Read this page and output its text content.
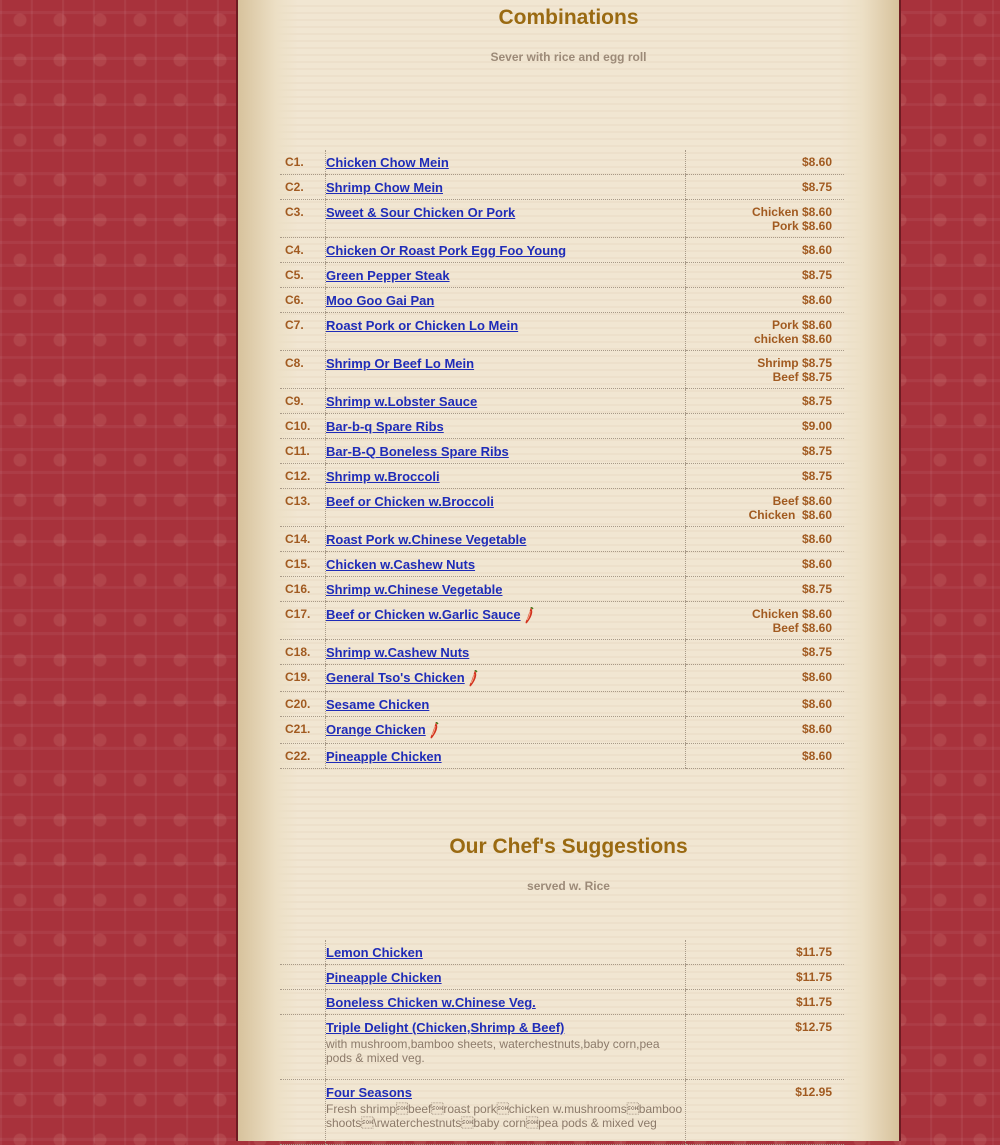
Combinations
Sever with rice and egg roll
C1.	Chicken Chow Mein	$8.60

C2.	Shrimp Chow Mein	$8.75

C3.	Sweet & Sour Chicken Or Pork	Chicken $8.60
Pork $8.60

C4.	Chicken Or Roast Pork Egg Foo Young	$8.60

C5.	Green Pepper Steak	$8.75

C6.	Moo Goo Gai Pan	$8.60

C7.	Roast Pork or Chicken Lo Mein	Pork $8.60
chicken $8.60

C8.	Shrimp Or Beef Lo Mein	Shrimp $8.75
Beef $8.75

C9.	Shrimp w.Lobster Sauce	$8.75

C10.	Bar-b-q Spare Ribs	$9.00

C11.	Bar-B-Q Boneless Spare Ribs	$8.75

C12.	Shrimp w.Broccoli	$8.75

C13.	Beef or Chicken w.Broccoli	Beef $8.60
Chicken  $8.60

C14.	Roast Pork w.Chinese Vegetable	$8.60

C15.	Chicken w.Cashew Nuts	$8.60

C16.	Shrimp w.Chinese Vegetable	$8.75

C17.	Beef or Chicken w.Garlic Sauce	Chicken $8.60
Beef $8.60

C18.	Shrimp w.Cashew Nuts	$8.75

C19.	General Tso's Chicken	$8.60

C20.	Sesame Chicken	$8.60

C21.	Orange Chicken	$8.60

C22.	Pineapple Chicken	$8.60
Our Chef's Suggestions
served w. Rice
	Lemon Chicken	$11.75

	Pineapple Chicken	$11.75

	Boneless Chicken w.Chinese Veg.	$11.75

	Triple Delight (Chicken,Shrimp & Beef)
with mushroom,bamboo sheets, waterchestnuts,baby corn,pea pods & mixed veg.	$12.75

	Four Seasons
Fresh shrimpbeefroast porkchicken w.mushroomsbamboo shoots\rwaterchestnutsbaby cornpea pods & mixed veg	$12.95
